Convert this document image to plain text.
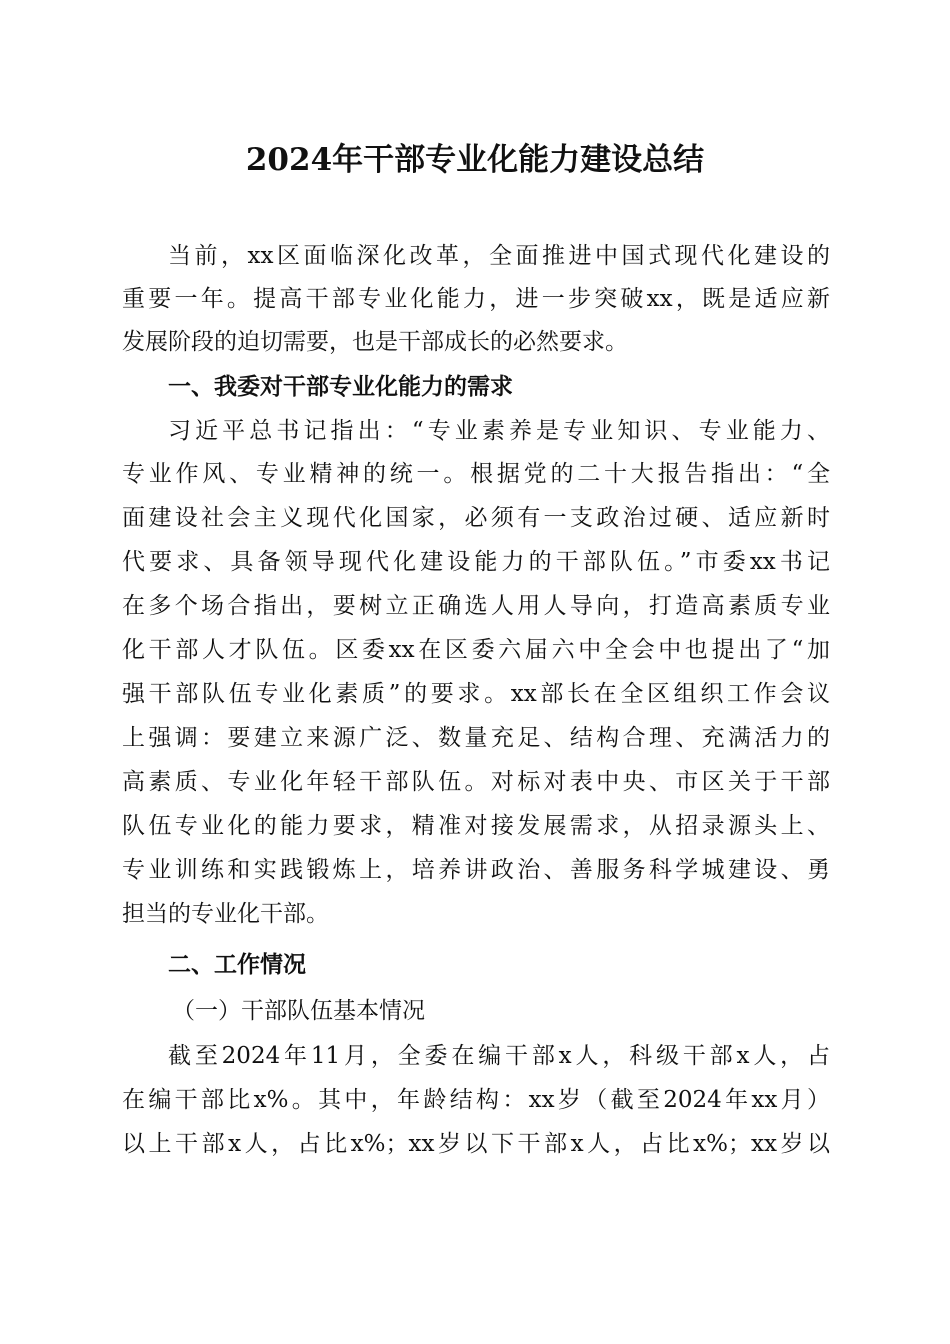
2024年干部专业化能力建设总结
当前，xx区面临深化改革，全面推进中国式现代化建设的
重要一年。提高干部专业化能力，进一步突破xx，既是适应新
发展阶段的迫切需要，也是干部成长的必然要求。
一、我委对干部专业化能力的需求
习近平总书记指出：“专业素养是专业知识、专业能力、
专业作风、专业精神的统一。根据党的二十大报告指出：“全
面建设社会主义现代化国家，必须有一支政治过硬、适应新时
代要求、具备领导现代化建设能力的干部队伍。”市委xx书记
在多个场合指出，要树立正确选人用人导向，打造高素质专业
化干部人才队伍。区委xx在区委六届六中全会中也提出了“加
强干部队伍专业化素质”的要求。xx部长在全区组织工作会议
上强调：要建立来源广泛、数量充足、结构合理、充满活力的
高素质、专业化年轻干部队伍。对标对表中央、市区关于干部
队伍专业化的能力要求，精准对接发展需求，从招录源头上、
专业训练和实践锻炼上，培养讲政治、善服务科学城建设、勇
担当的专业化干部。
二、工作情况
（一）干部队伍基本情况
截至2024年11月，全委在编干部x人，科级干部x人，占
在编干部比x%。其中，年龄结构：xx岁（截至2024年xx月）
以上干部x人，占比x%；xx岁以下干部x人，占比x%；xx岁以
